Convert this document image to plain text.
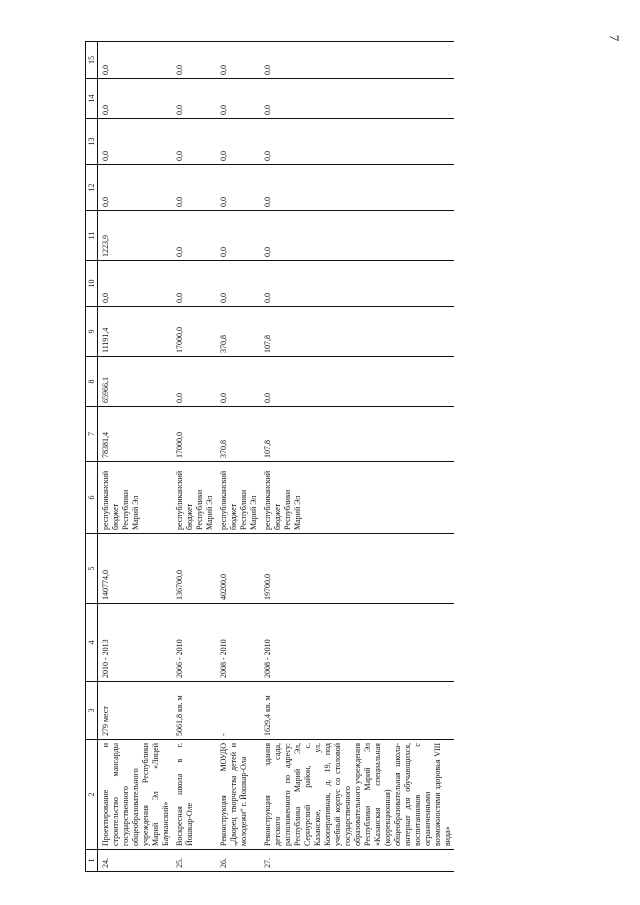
7
1	2	3	4	5	6	7	8	9	10	11	12	13	14	15
24.	Проектирование и строительство мансарды государственного общеобразовательного учреждения Республики Марий Эл «Лицей Бауманский»	279 мест	2010 - 2013	140774,0	республиканский бюджет Республики Марий Эл	78381,4	65966,1	11191,4	0,0	1223,9	0,0	0,0	0,0	0,0
25.	Воскресная школа в г. Йошкар-Оле	5061,8 кв. м	2006 - 2010	136700,0	республиканский бюджет Республики Марий Эл	17000,0	0,0	17000,0	0,0	0,0	0,0	0,0	0,0	0,0
26.	Реконструкция МОУДО „Дворец творчества детей и молодежи“ г. Йошкар-Ола	-	2008 - 2010	40200,0	республиканский бюджет Республики Марий Эл	370,8	0,0	370,8	0,0	0,0	0,0	0,0	0,0	0,0
27.	Реконструкция здания детского сада, расположенного по адресу: Республика Марий Эл, Сернурский район, с. Казанское, ул. Кооперативная, д. 19, под учебный корпус со столовой государственного образовательного учреждения Республики Марий Эл «Казанская специальная (коррекционная) общеобразовательная школа-интернат для обучающихся, воспитанников с ограниченными возможностями здоровья VIII вида»	1629,4 кв. м	2008 - 2010	19700,0	республиканский бюджет Республики Марий Эл	107,8	0,0	107,8	0,0	0,0	0,0	0,0	0,0	0,0
